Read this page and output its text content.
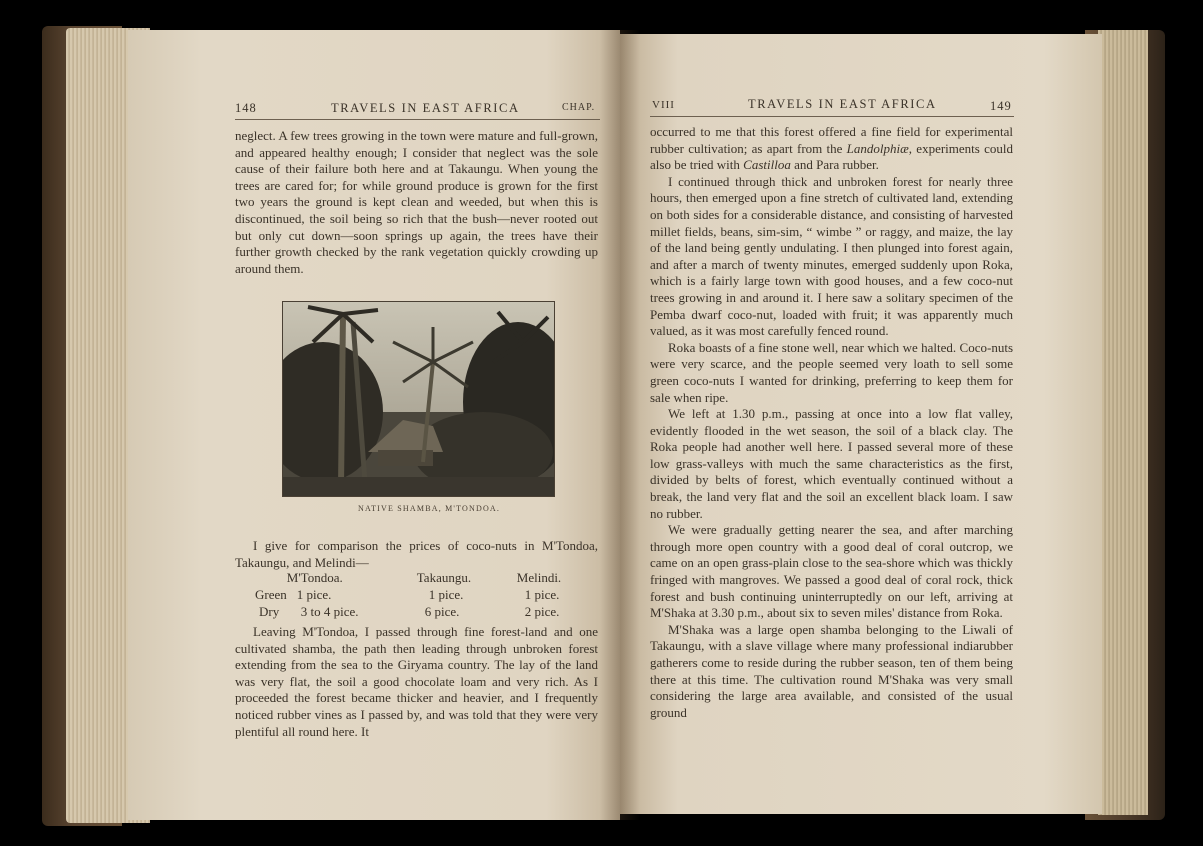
148	TRAVELS IN EAST AFRICA	CHAP.

neglect. A few trees growing in the town were mature and full-grown, and appeared healthy enough; I consider that neglect was the sole cause of their failure both here and at Takaungu. When young the trees are cared for; for while ground produce is grown for the first two years the ground is kept clean and weeded, but when this is discontinued, the soil being so rich that the bush—never rooted out but only cut down—soon springs up again, the trees have their further growth checked by the rank vegetation quickly crowding up around them.

NATIVE SHAMBA, M'TONDOA.

I give for comparison the prices of coco-nuts in M'Tondoa, Takaungu, and Melindi—

	M'Tondoa.	Takaungu.	Melindi.
Green	1 pice.	1 pice.	1 pice.
Dry	3 to 4 pice.	6 pice.	2 pice.

Leaving M'Tondoa, I passed through fine forest-land and one cultivated shamba, the path then leading through unbroken forest extending from the sea to the Giryama country. The lay of the land was very flat, the soil a good chocolate loam and very rich. As I proceeded the forest became thicker and heavier, and I frequently noticed rubber vines as I passed by, and was told that they were very plentiful all round here. It

VIII	TRAVELS IN EAST AFRICA	149

occurred to me that this forest offered a fine field for experimental rubber cultivation; as apart from the Landolphiæ, experiments could also be tried with Castilloa and Para rubber.

I continued through thick and unbroken forest for nearly three hours, then emerged upon a fine stretch of cultivated land, extending on both sides for a considerable distance, and consisting of harvested millet fields, beans, sim-sim, “ wimbe ” or raggy, and maize, the lay of the land being gently undulating. I then plunged into forest again, and after a march of twenty minutes, emerged suddenly upon Roka, which is a fairly large town with good houses, and a few coco-nut trees growing in and around it. I here saw a solitary specimen of the Pemba dwarf coco-nut, loaded with fruit; it was apparently much valued, as it was most carefully fenced round.

Roka boasts of a fine stone well, near which we halted. Coco-nuts were very scarce, and the people seemed very loath to sell some green coco-nuts I wanted for drinking, preferring to keep them for sale when ripe.

We left at 1.30 p.m., passing at once into a low flat valley, evidently flooded in the wet season, the soil of a black clay. The Roka people had another well here. I passed several more of these low grass-valleys with much the same characteristics as the first, divided by belts of forest, which eventually continued without a break, the land very flat and the soil an excellent black loam. I saw no rubber.

We were gradually getting nearer the sea, and after marching through more open country with a good deal of coral outcrop, we came on an open grass-plain close to the sea-shore which was thickly fringed with mangroves. We passed a good deal of coral rock, thick forest and bush continuing uninterruptedly on our left, arriving at M'Shaka at 3.30 p.m., about six to seven miles' distance from Roka.

M'Shaka was a large open shamba belonging to the Liwali of Takaungu, with a slave village where many professional indiarubber gatherers come to reside during the rubber season, ten of them being there at this time. The cultivation round M'Shaka was very small considering the large area available, and consisted of the usual ground
